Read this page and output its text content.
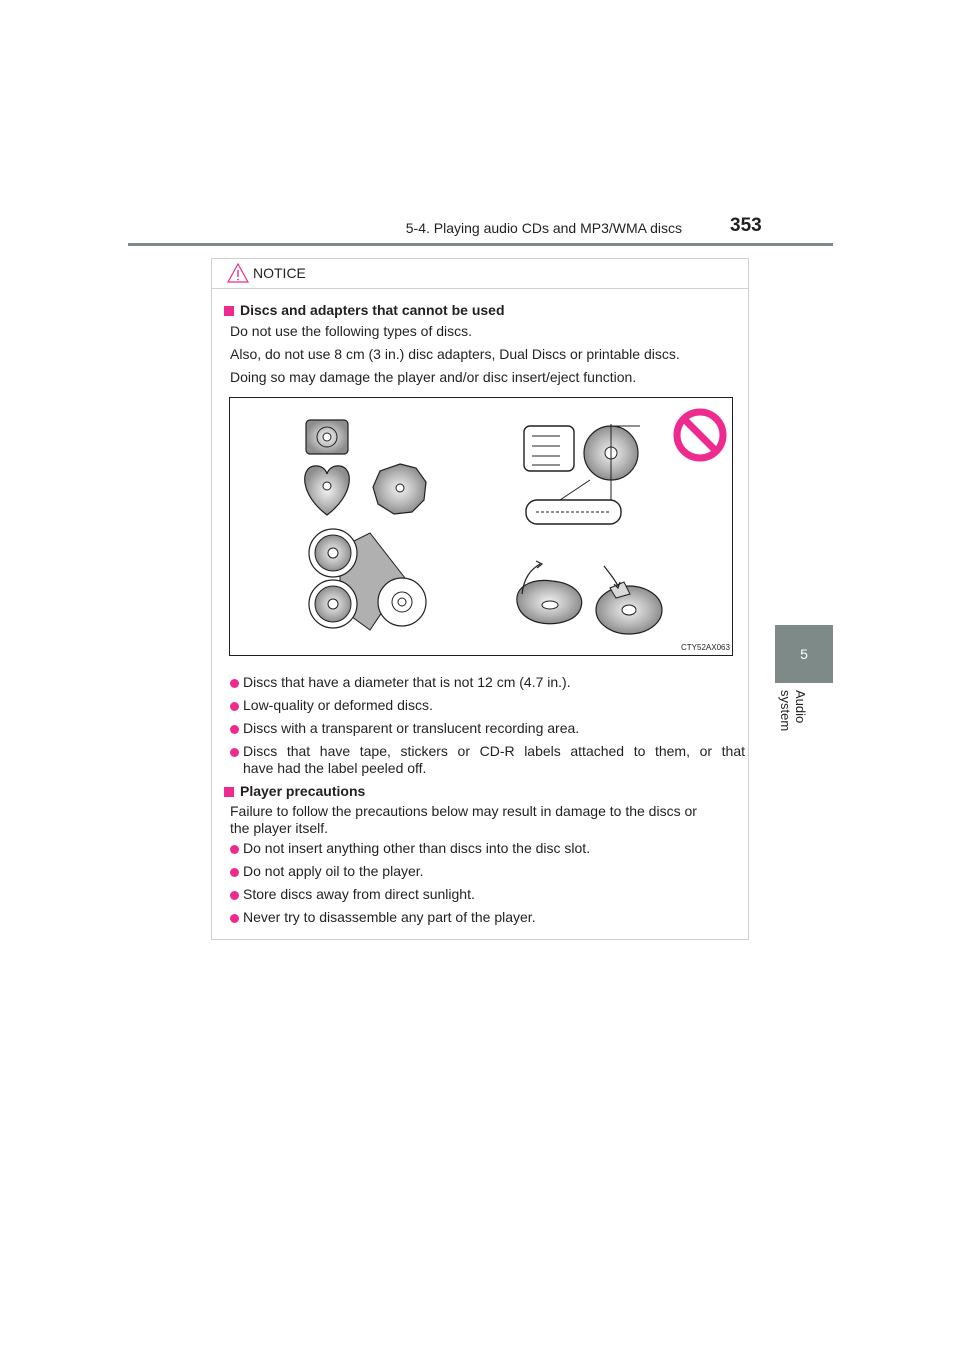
5-4. Playing audio CDs and MP3/WMA discs	353
5
Audio system
NOTICE
Discs and adapters that cannot be used
Do not use the following types of discs.
Also, do not use 8 cm (3 in.) disc adapters, Dual Discs or printable discs.
Doing so may damage the player and/or disc insert/eject function.
CTY52AX063
Discs that have a diameter that is not 12 cm (4.7 in.).
Low-quality or deformed discs.
Discs with a transparent or translucent recording area.
Discs that have tape, stickers or CD-R labels attached to them, or that
have had the label peeled off.
Player precautions
Failure to follow the precautions below may result in damage to the discs or
the player itself.
Do not insert anything other than discs into the disc slot.
Do not apply oil to the player.
Store discs away from direct sunlight.
Never try to disassemble any part of the player.
